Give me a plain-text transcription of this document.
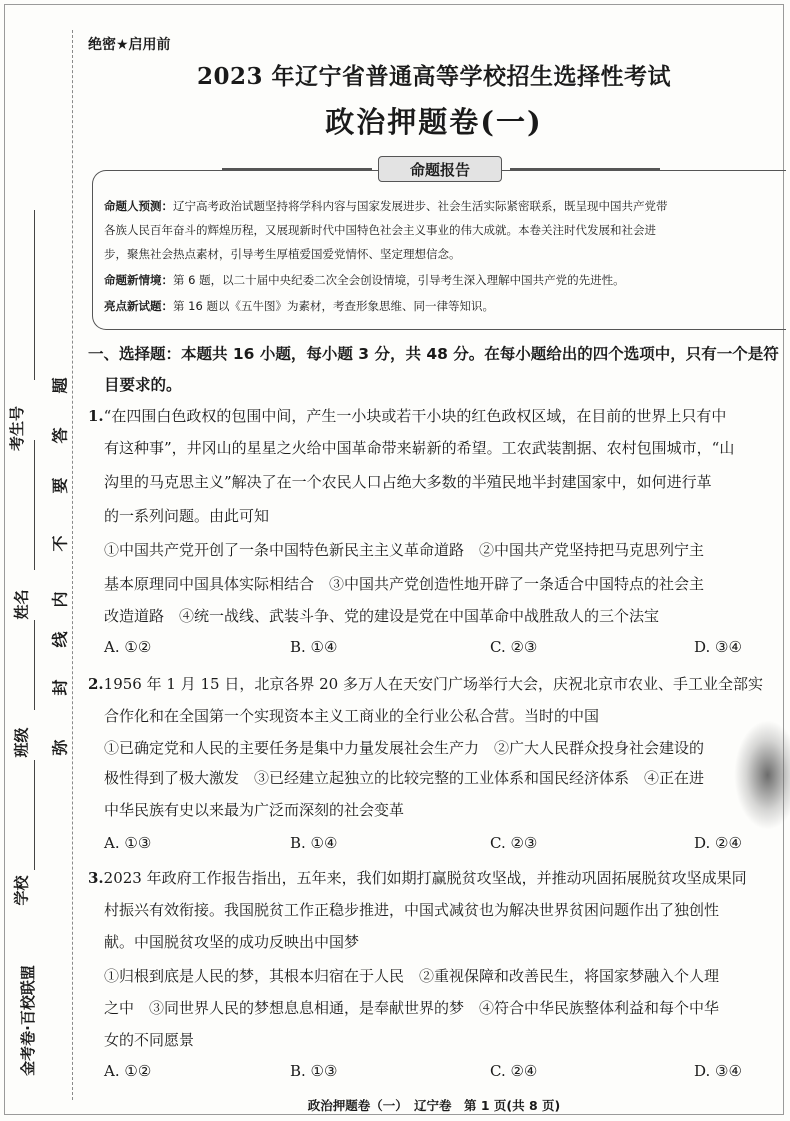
考生号
姓名
班级
学校
金考卷·百校联盟
题
答
要
不
内
线
封
弥
绝密★启用前
2023 年辽宁省普通高等学校招生选择性考试
政治押题卷(一)
命题报告
命题人预测：辽宁高考政治试题坚持将学科内容与国家发展进步、社会生活实际紧密联系，既呈现中国共产党带
各族人民百年奋斗的辉煌历程，又展现新时代中国特色社会主义事业的伟大成就。本卷关注时代发展和社会进
步，聚焦社会热点素材，引导考生厚植爱国爱党情怀、坚定理想信念。
命题新情境：第 6 题，以二十届中央纪委二次全会创设情境，引导考生深入理解中国共产党的先进性。
亮点新试题：第 16 题以《五牛图》为素材，考查形象思维、同一律等知识。
一、选择题：本题共 16 小题，每小题 3 分，共 48 分。在每小题给出的四个选项中，只有一个是符
目要求的。
1.“在四围白色政权的包围中间，产生一小块或若干小块的红色政权区域，在目前的世界上只有中
有这种事”，井冈山的星星之火给中国革命带来崭新的希望。工农武装割据、农村包围城市，“山
沟里的马克思主义”解决了在一个农民人口占绝大多数的半殖民地半封建国家中，如何进行革
的一系列问题。由此可知
①中国共产党开创了一条中国特色新民主主义革命道路　②中国共产党坚持把马克思列宁主
基本原理同中国具体实际相结合　③中国共产党创造性地开辟了一条适合中国特点的社会主
改造道路　④统一战线、武装斗争、党的建设是党在中国革命中战胜敌人的三个法宝
A. ①②	B. ①④	C. ②③	D. ③④
2.1956 年 1 月 15 日，北京各界 20 多万人在天安门广场举行大会，庆祝北京市农业、手工业全部实
合作化和在全国第一个实现资本主义工商业的全行业公私合营。当时的中国
①已确定党和人民的主要任务是集中力量发展社会生产力　②广大人民群众投身社会建设的
极性得到了极大激发　③已经建立起独立的比较完整的工业体系和国民经济体系　④正在进
中华民族有史以来最为广泛而深刻的社会变革
A. ①③	B. ①④	C. ②③	D. ②④
3.2023 年政府工作报告指出，五年来，我们如期打赢脱贫攻坚战，并推动巩固拓展脱贫攻坚成果同
村振兴有效衔接。我国脱贫工作正稳步推进，中国式减贫也为解决世界贫困问题作出了独创性
献。中国脱贫攻坚的成功反映出中国梦
①归根到底是人民的梦，其根本归宿在于人民　②重视保障和改善民生，将国家梦融入个人理
之中　③同世界人民的梦想息息相通，是奉献世界的梦　④符合中华民族整体利益和每个中华
女的不同愿景
A. ①②	B. ①③	C. ②④	D. ③④
政治押题卷（一）　辽宁卷　第 1 页(共 8 页)
